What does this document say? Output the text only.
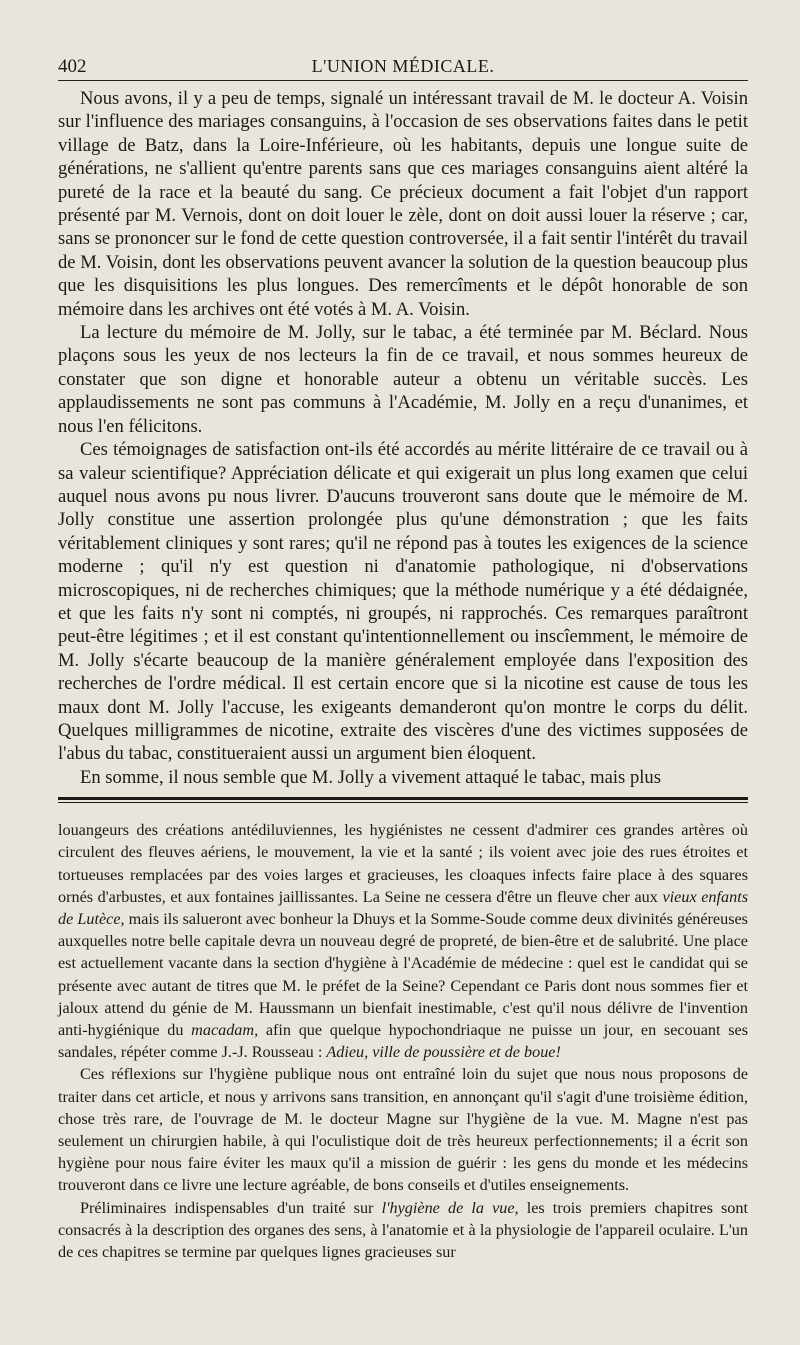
402	L'UNION MÉDICALE.

Nous avons, il y a peu de temps, signalé un intéressant travail de M. le docteur A. Voisin sur l'influence des mariages consanguins, à l'occasion de ses observations faites dans le petit village de Batz, dans la Loire-Inférieure, où les habitants, depuis une longue suite de générations, ne s'allient qu'entre parents sans que ces mariages consanguins aient altéré la pureté de la race et la beauté du sang. Ce précieux document a fait l'objet d'un rapport présenté par M. Vernois, dont on doit louer le zèle, dont on doit aussi louer la réserve ; car, sans se prononcer sur le fond de cette question controversée, il a fait sentir l'intérêt du travail de M. Voisin, dont les observations peuvent avancer la solution de la question beaucoup plus que les disquisitions les plus longues. Des remercîments et le dépôt honorable de son mémoire dans les archives ont été votés à M. A. Voisin.

La lecture du mémoire de M. Jolly, sur le tabac, a été terminée par M. Béclard. Nous plaçons sous les yeux de nos lecteurs la fin de ce travail, et nous sommes heureux de constater que son digne et honorable auteur a obtenu un véritable succès. Les applaudissements ne sont pas communs à l'Académie, M. Jolly en a reçu d'unanimes, et nous l'en félicitons.

Ces témoignages de satisfaction ont-ils été accordés au mérite littéraire de ce travail ou à sa valeur scientifique? Appréciation délicate et qui exigerait un plus long examen que celui auquel nous avons pu nous livrer. D'aucuns trouveront sans doute que le mémoire de M. Jolly constitue une assertion prolongée plus qu'une démonstration ; que les faits véritablement cliniques y sont rares; qu'il ne répond pas à toutes les exigences de la science moderne ; qu'il n'y est question ni d'anatomie pathologique, ni d'observations microscopiques, ni de recherches chimiques; que la méthode numérique y a été dédaignée, et que les faits n'y sont ni comptés, ni groupés, ni rapprochés. Ces remarques paraîtront peut-être légitimes ; et il est constant qu'intentionnellement ou inscîemment, le mémoire de M. Jolly s'écarte beaucoup de la manière généralement employée dans l'exposition des recherches de l'ordre médical. Il est certain encore que si la nicotine est cause de tous les maux dont M. Jolly l'accuse, les exigeants demanderont qu'on montre le corps du délit. Quelques milligrammes de nicotine, extraite des viscères d'une des victimes supposées de l'abus du tabac, constitueraient aussi un argument bien éloquent.

En somme, il nous semble que M. Jolly a vivement attaqué le tabac, mais plus

louangeurs des créations antédiluviennes, les hygiénistes ne cessent d'admirer ces grandes artères où circulent des fleuves aériens, le mouvement, la vie et la santé ; ils voient avec joie des rues étroites et tortueuses remplacées par des voies larges et gracieuses, les cloaques infects faire place à des squares ornés d'arbustes, et aux fontaines jaillissantes. La Seine ne cessera d'être un fleuve cher aux vieux enfants de Lutèce, mais ils salueront avec bonheur la Dhuys et la Somme-Soude comme deux divinités généreuses auxquelles notre belle capitale devra un nouveau degré de propreté, de bien-être et de salubrité. Une place est actuellement vacante dans la section d'hygiène à l'Académie de médecine : quel est le candidat qui se présente avec autant de titres que M. le préfet de la Seine? Cependant ce Paris dont nous sommes fier et jaloux attend du génie de M. Haussmann un bienfait inestimable, c'est qu'il nous délivre de l'invention anti-hygiénique du macadam, afin que quelque hypochondriaque ne puisse un jour, en secouant ses sandales, répéter comme J.-J. Rousseau : Adieu, ville de poussière et de boue!

Ces réflexions sur l'hygiène publique nous ont entraîné loin du sujet que nous nous proposons de traiter dans cet article, et nous y arrivons sans transition, en annonçant qu'il s'agit d'une troisième édition, chose très rare, de l'ouvrage de M. le docteur Magne sur l'hygiène de la vue. M. Magne n'est pas seulement un chirurgien habile, à qui l'oculistique doit de très heureux perfectionnements; il a écrit son hygiène pour nous faire éviter les maux qu'il a mission de guérir : les gens du monde et les médecins trouveront dans ce livre une lecture agréable, de bons conseils et d'utiles enseignements.

Préliminaires indispensables d'un traité sur l'hygiène de la vue, les trois premiers chapitres sont consacrés à la description des organes des sens, à l'anatomie et à la physiologie de l'appareil oculaire. L'un de ces chapitres se termine par quelques lignes gracieuses sur
